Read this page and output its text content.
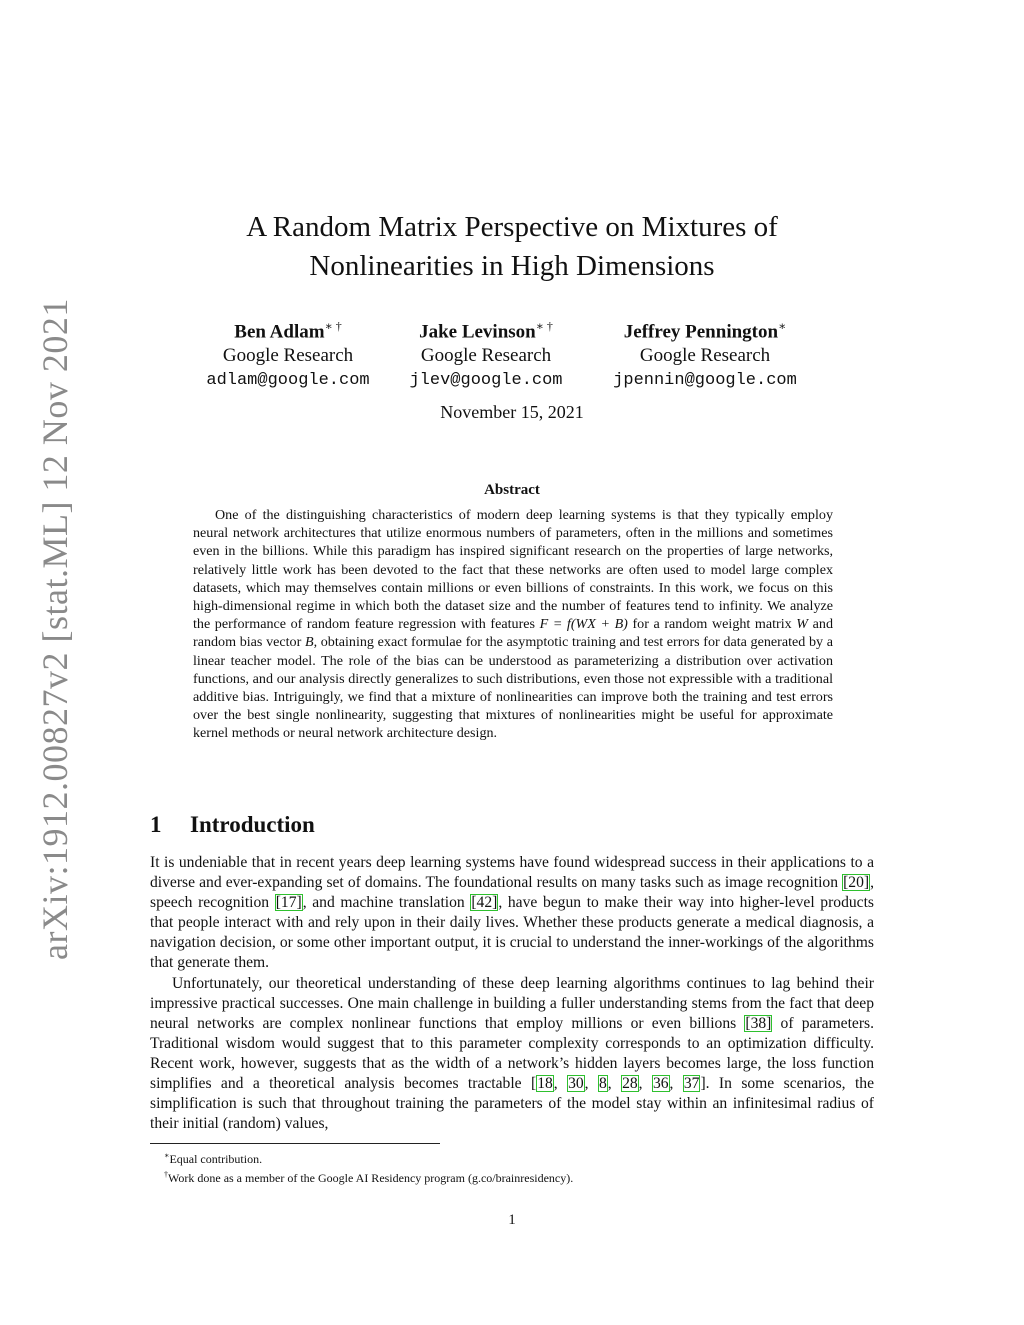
arXiv:1912.00827v2 [stat.ML] 12 Nov 2021
A Random Matrix Perspective on Mixtures of
Nonlinearities in High Dimensions
Ben Adlam∗ †
Google Research
adlam@google.com
Jake Levinson∗ †
Google Research
jlev@google.com
Jeffrey Pennington∗
Google Research
jpennin@google.com
November 15, 2021
Abstract

One of the distinguishing characteristics of modern deep learning systems is that they typically employ neural network architectures that utilize enormous numbers of parameters, often in the millions and sometimes even in the billions. While this paradigm has inspired significant research on the properties of large networks, relatively little work has been devoted to the fact that these networks are often used to model large complex datasets, which may themselves contain millions or even billions of constraints. In this work, we focus on this high-dimensional regime in which both the dataset size and the number of features tend to infinity. We analyze the performance of random feature regression with features F = f(WX + B) for a random weight matrix W and random bias vector B, obtaining exact formulae for the asymptotic training and test errors for data generated by a linear teacher model. The role of the bias can be understood as parameterizing a distribution over activation functions, and our analysis directly generalizes to such distributions, even those not expressible with a traditional additive bias. Intriguingly, we find that a mixture of nonlinearities can improve both the training and test errors over the best single nonlinearity, suggesting that mixtures of nonlinearities might be useful for approximate kernel methods or neural network architecture design.

1 Introduction

It is undeniable that in recent years deep learning systems have found widespread success in their applications to a diverse and ever-expanding set of domains. The foundational results on many tasks such as image recognition [20], speech recognition [17], and machine translation [42], have begun to make their way into higher-level products that people interact with and rely upon in their daily lives. Whether these products generate a medical diagnosis, a navigation decision, or some other important output, it is crucial to understand the inner-workings of the algorithms that generate them.

Unfortunately, our theoretical understanding of these deep learning algorithms continues to lag behind their impressive practical successes. One main challenge in building a fuller understanding stems from the fact that deep neural networks are complex nonlinear functions that employ millions or even billions [38] of parameters. Traditional wisdom would suggest that to this parameter complexity corresponds to an optimization difficulty. Recent work, however, suggests that as the width of a network’s hidden layers becomes large, the loss function simplifies and a theoretical analysis becomes tractable [18, 30, 8, 28, 36, 37]. In some scenarios, the simplification is such that throughout training the parameters of the model stay within an infinitesimal radius of their initial (random) values,

∗Equal contribution.
†Work done as a member of the Google AI Residency program (g.co/brainresidency).
1
